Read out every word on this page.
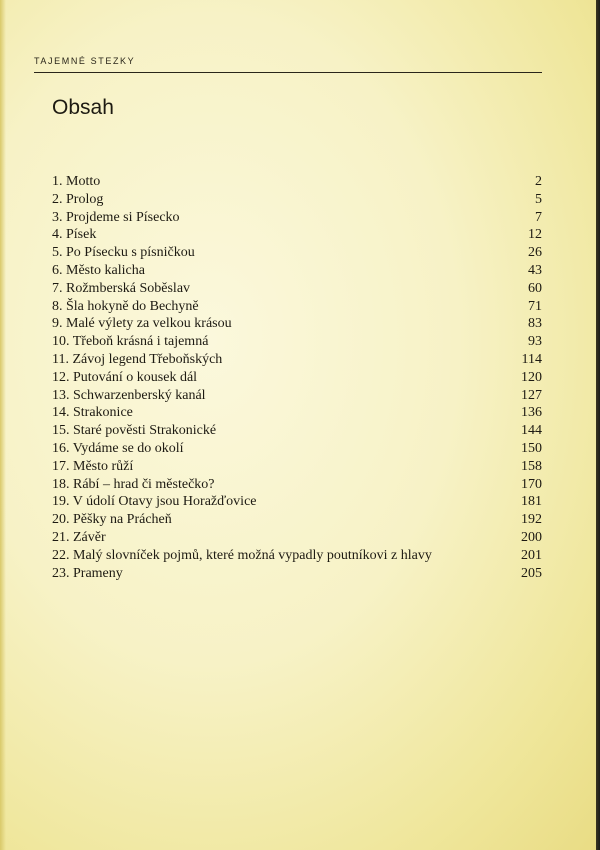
TAJEMNÉ STEZKY
Obsah
1. Motto	2
2. Prolog	5
3. Projdeme si Písecko	7
4. Písek	12
5. Po Písecku s písničkou	26
6. Město kalicha	43
7. Rožmberská Soběslav	60
8. Šla hokyně do Bechyně	71
9. Malé výlety za velkou krásou	83
10. Třeboň krásná i tajemná	93
11. Závoj legend Třeboňských	114
12. Putování o kousek dál	120
13. Schwarzenberský kanál	127
14. Strakonice	136
15. Staré pověsti Strakonické	144
16. Vydáme se do okolí	150
17. Město růží	158
18. Rábí – hrad či městečko?	170
19. V údolí Otavy jsou Horažďovice	181
20. Pěšky na Prácheň	192
21. Závěr	200
22. Malý slovníček pojmů, které možná vypadly poutníkovi z hlavy	201
23. Prameny	205
